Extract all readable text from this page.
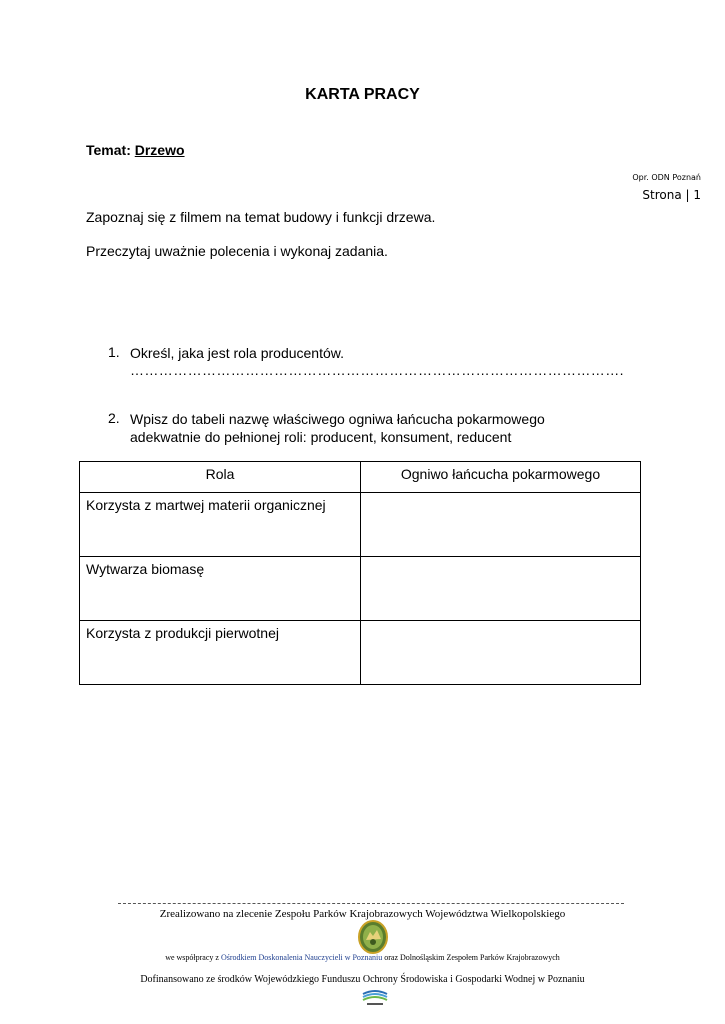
KARTA PRACY
Temat: Drzewo
Opr. ODN Poznań
Strona | 1
Zapoznaj się z filmem na temat budowy i funkcji drzewa.
Przeczytaj uważnie polecenia i wykonaj zadania.
1. Określ, jaka jest rola producentów.
………………………………………………………………………………………….
2. Wpisz do tabeli nazwę właściwego ogniwa łańcucha pokarmowego
adekwatnie do pełnionej roli: producent, konsument, reducent
Rola	Ogniwo łańcucha pokarmowego
Korzysta z martwej materii organicznej	
Wytwarza biomasę	
Korzysta z produkcji pierwotnej	
Zrealizowano na zlecenie Zespołu Parków Krajobrazowych Województwa Wielkopolskiego
we współpracy z Ośrodkiem Doskonalenia Nauczycieli w Poznaniu oraz Dolnośląskim Zespołem Parków Krajobrazowych
Dofinansowano ze środków Wojewódzkiego Funduszu Ochrony Środowiska i Gospodarki Wodnej w Poznaniu
